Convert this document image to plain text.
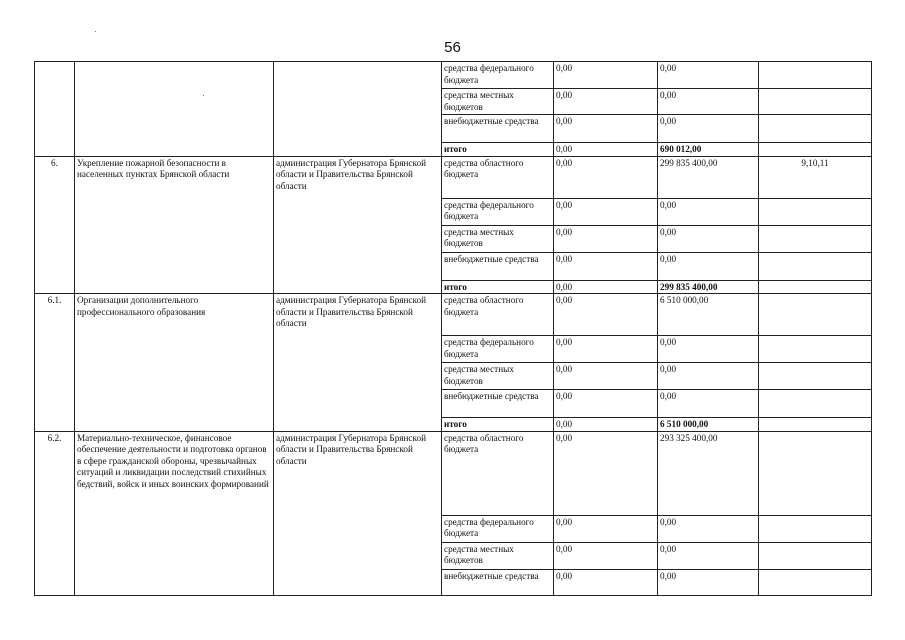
56
			средства федерального бюджета	0,00	0,00	
			средства местных бюджетов	0,00	0,00	
			внебюджетные средства	0,00	0,00	
			итого	0,00	690 012,00	
6.	Укрепление пожарной безопасности в населенных пунктах Брянской области	администрация Губернатора Брянской области и Правительства Брянской области	средства областного бюджета	0,00	299 835 400,00	9,10,11
			средства федерального бюджета	0,00	0,00	
			средства местных бюджетов	0,00	0,00	
			внебюджетные средства	0,00	0,00	
			итого	0,00	299 835 400,00	
6.1.	Организации дополнительного профессионального образования	администрация Губернатора Брянской области и Правительства Брянской области	средства областного бюджета	0,00	6 510 000,00	
			средства федерального бюджета	0,00	0,00	
			средства местных бюджетов	0,00	0,00	
			внебюджетные средства	0,00	0,00	
			итого	0,00	6 510 000,00	
6.2.	Материально-техническое, финансовое обеспечение деятельности и подготовка органов в сфере гражданской обороны, чрезвычайных ситуаций и ликвидации последствий стихийных бедствий, войск и иных воинских формирований	администрация Губернатора Брянской области и Правительства Брянской области	средства областного бюджета	0,00	293 325 400,00	
			средства федерального бюджета	0,00	0,00	
			средства местных бюджетов	0,00	0,00	
			внебюджетные средства	0,00	0,00	
